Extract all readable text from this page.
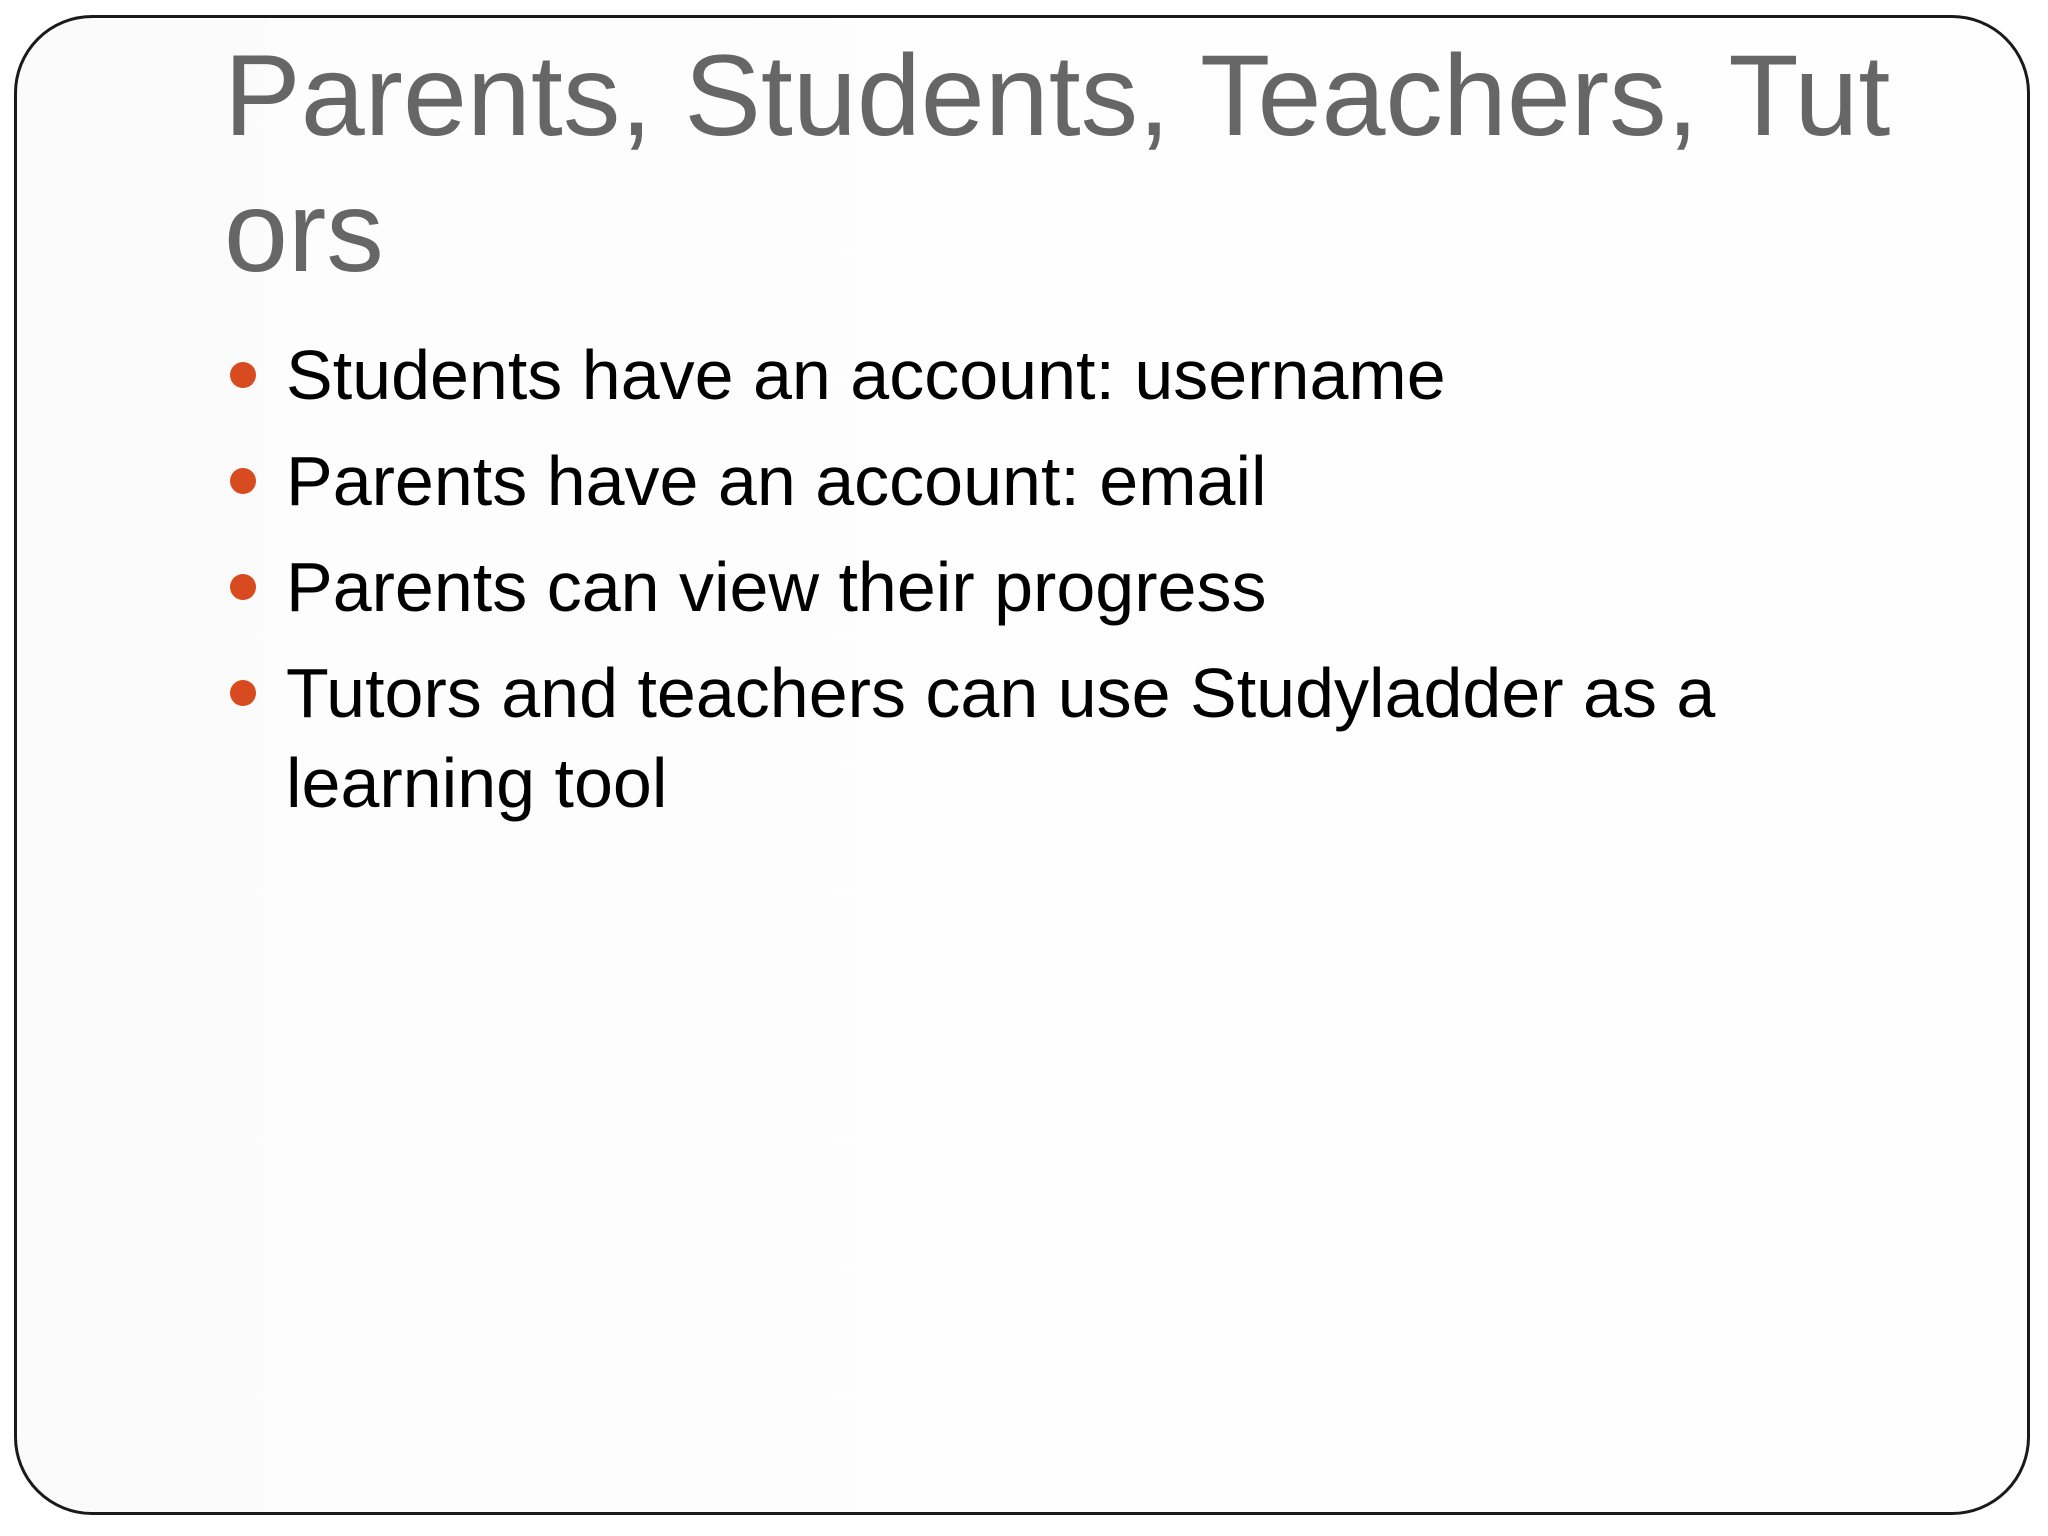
Parents, Students, Teachers, Tutors
Students have an account: username
Parents have an account: email
Parents can view their progress
Tutors and teachers can use Studyladder as a learning tool
